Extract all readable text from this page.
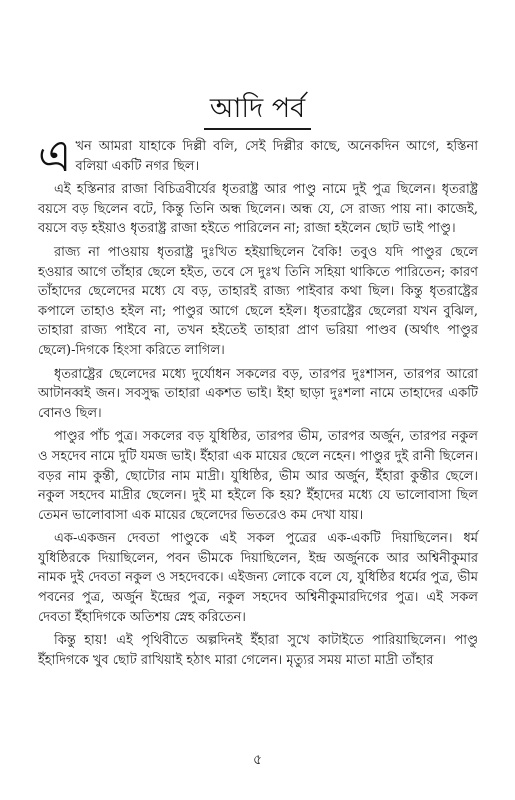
আদি পর্ব

এখন আমরা যাহাকে দিল্লী বলি, সেই দিল্লীর কাছে, অনেকদিন আগে, হস্তিনা বলিয়া একটি নগর ছিল।

এই হস্তিনার রাজা বিচিত্রবীর্যের ধৃতরাষ্ট্র আর পাণ্ডু নামে দুই পুত্র ছিলেন। ধৃতরাষ্ট্র বয়সে বড় ছিলেন বটে, কিন্তু তিনি অন্ধ ছিলেন। অন্ধ যে, সে রাজ্য পায় না। কাজেই, বয়সে বড় হইয়াও ধৃতরাষ্ট্র রাজা হইতে পারিলেন না; রাজা হইলেন ছোট ভাই পাণ্ডু।

রাজ্য না পাওয়ায় ধৃতরাষ্ট্র দুঃখিত হইয়াছিলেন বৈকি! তবুও যদি পাণ্ডুর ছেলে হওয়ার আগে তাঁহার ছেলে হইত, তবে সে দুঃখ তিনি সহিয়া থাকিতে পারিতেন; কারণ তাঁহাদের ছেলেদের মধ্যে যে বড়, তাহারই রাজ্য পাইবার কথা ছিল। কিন্তু ধৃতরাষ্ট্রের কপালে তাহাও হইল না; পাণ্ডুর আগে ছেলে হইল। ধৃতরাষ্ট্রের ছেলেরা যখন বুঝিল, তাহারা রাজ্য পাইবে না, তখন হইতেই তাহারা প্রাণ ভরিয়া পাণ্ডব (অর্থাৎ পাণ্ডুর ছেলে)-দিগকে হিংসা করিতে লাগিল।

ধৃতরাষ্ট্রের ছেলেদের মধ্যে দুর্যোধন সকলের বড়, তারপর দুঃশাসন, তারপর আরো আটানব্বই জন। সবসুদ্ধ তাহারা একশত ভাই। ইহা ছাড়া দুঃশলা নামে তাহাদের একটি বোনও ছিল।

পাণ্ডুর পাঁচ পুত্র। সকলের বড় যুধিষ্ঠির, তারপর ভীম, তারপর অর্জুন, তারপর নকুল ও সহদেব নামে দুটি যমজ ভাই। ইঁহারা এক মায়ের ছেলে নহেন। পাণ্ডুর দুই রানী ছিলেন। বড়র নাম কুন্তী, ছোটোর নাম মাদ্রী। যুধিষ্ঠির, ভীম আর অর্জুন, ইঁহারা কুন্তীর ছেলে। নকুল সহদেব মাদ্রীর ছেলেন। দুই মা হইলে কি হয়? ইঁহাদের মধ্যে যে ভালোবাসা ছিল তেমন ভালোবাসা এক মায়ের ছেলেদের ভিতরেও কম দেখা যায়।

এক-একজন দেবতা পাণ্ডুকে এই সকল পুত্রের এক-একটি দিয়াছিলেন। ধর্ম যুধিষ্ঠিরকে দিয়াছিলেন, পবন ভীমকে দিয়াছিলেন, ইন্দ্র অর্জুনকে আর অশ্বিনীকুমার নামক দুই দেবতা নকুল ও সহদেবকে। এইজন্য লোকে বলে যে, যুধিষ্ঠির ধর্মের পুত্র, ভীম পবনের পুত্র, অর্জুন ইন্দ্রের পুত্র, নকুল সহদেব অশ্বিনীকুমারদিগের পুত্র। এই সকল দেবতা ইঁহাদিগকে অতিশয় স্নেহ করিতেন।

কিন্তু হায়! এই পৃথিবীতে অল্পদিনই ইঁহারা সুখে কাটাইতে পারিয়াছিলেন। পাণ্ডু ইঁহাদিগকে খুব ছোট রাখিয়াই হঠাৎ মারা গেলেন। মৃত্যুর সময় মাতা মাদ্রী তাঁহার

৫
